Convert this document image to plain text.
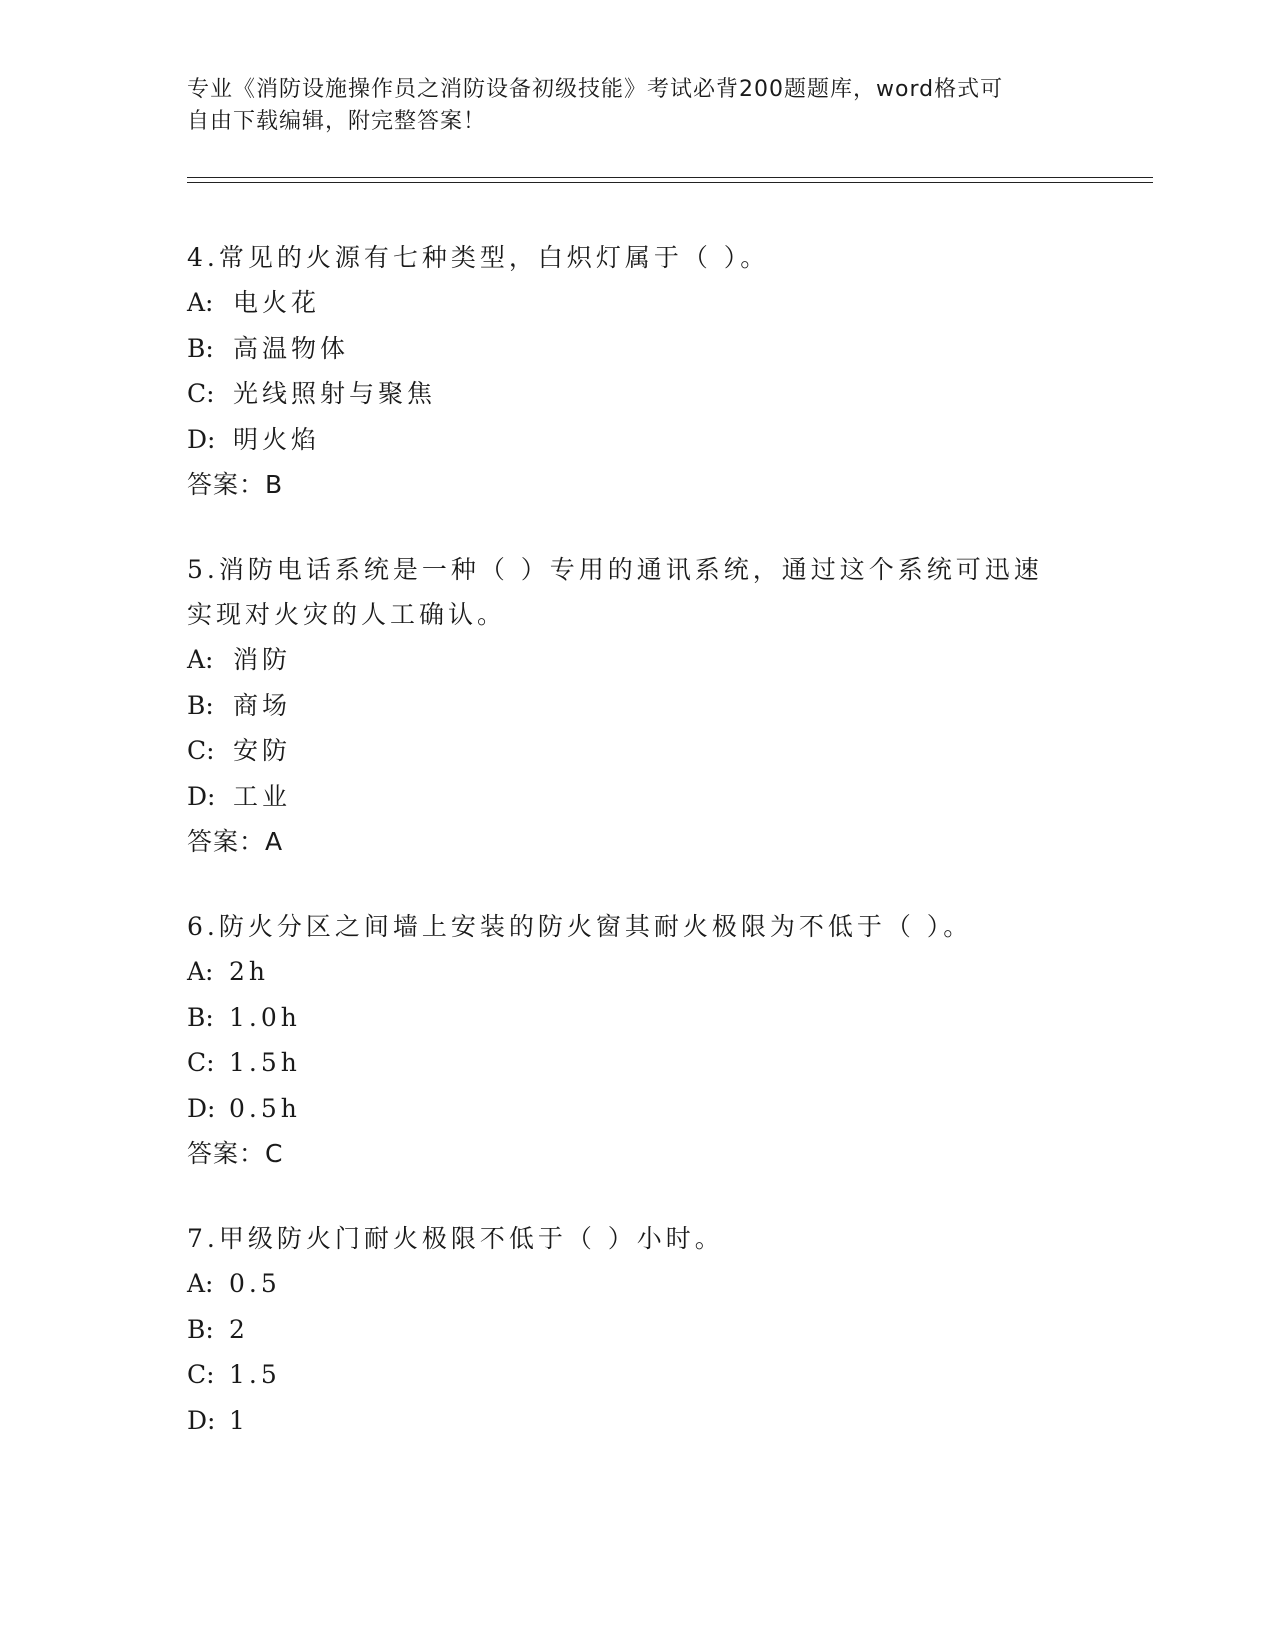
专业《消防设施操作员之消防设备初级技能》考试必背200题题库，word格式可
自由下载编辑，附完整答案！

4.常见的火源有七种类型，白炽灯属于（ ）。

A: 电火花

B: 高温物体

C: 光线照射与聚焦

D: 明火焰

答案：B

5.消防电话系统是一种（ ）专用的通讯系统，通过这个系统可迅速实现对火灾的人工确认。

A: 消防

B: 商场

C: 安防

D: 工业

答案：A

6.防火分区之间墙上安装的防火窗其耐火极限为不低于（ ）。

A: 2h

B: 1.0h

C: 1.5h

D: 0.5h

答案：C

7.甲级防火门耐火极限不低于（ ）小时。

A: 0.5

B: 2

C: 1.5

D: 1
